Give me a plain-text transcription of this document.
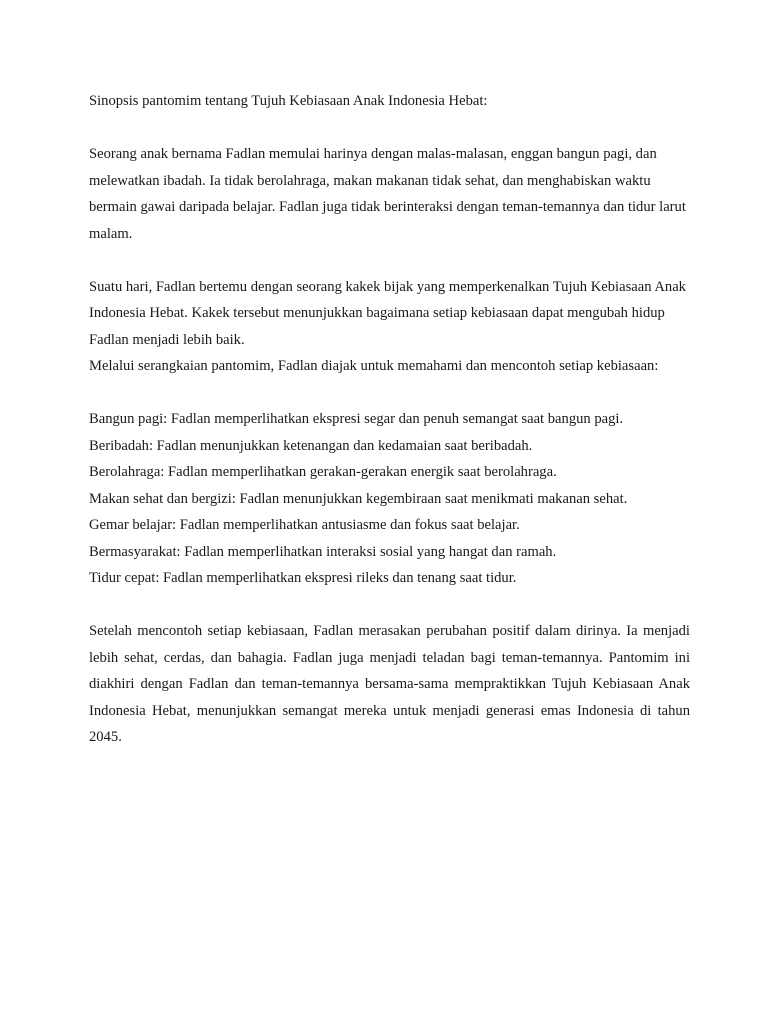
Sinopsis pantomim tentang Tujuh Kebiasaan Anak Indonesia Hebat:

Seorang anak bernama Fadlan memulai harinya dengan malas-malasan, enggan bangun pagi, dan melewatkan ibadah. Ia tidak berolahraga, makan makanan tidak sehat, dan menghabiskan waktu bermain gawai daripada belajar. Fadlan juga tidak berinteraksi dengan teman-temannya dan tidur larut malam.

Suatu hari, Fadlan bertemu dengan seorang kakek bijak yang memperkenalkan Tujuh Kebiasaan Anak Indonesia Hebat. Kakek tersebut menunjukkan bagaimana setiap kebiasaan dapat mengubah hidup Fadlan menjadi lebih baik.

Melalui serangkaian pantomim, Fadlan diajak untuk memahami dan mencontoh setiap kebiasaan:

Bangun pagi: Fadlan memperlihatkan ekspresi segar dan penuh semangat saat bangun pagi.
Beribadah: Fadlan menunjukkan ketenangan dan kedamaian saat beribadah.
Berolahraga: Fadlan memperlihatkan gerakan-gerakan energik saat berolahraga.
Makan sehat dan bergizi: Fadlan menunjukkan kegembiraan saat menikmati makanan sehat.
Gemar belajar: Fadlan memperlihatkan antusiasme dan fokus saat belajar.
Bermasyarakat: Fadlan memperlihatkan interaksi sosial yang hangat dan ramah.
Tidur cepat: Fadlan memperlihatkan ekspresi rileks dan tenang saat tidur.

Setelah mencontoh setiap kebiasaan, Fadlan merasakan perubahan positif dalam dirinya. Ia menjadi lebih sehat, cerdas, dan bahagia. Fadlan juga menjadi teladan bagi teman-temannya. Pantomim ini diakhiri dengan Fadlan dan teman-temannya bersama-sama mempraktikkan Tujuh Kebiasaan Anak Indonesia Hebat, menunjukkan semangat mereka untuk menjadi generasi emas Indonesia di tahun 2045.
